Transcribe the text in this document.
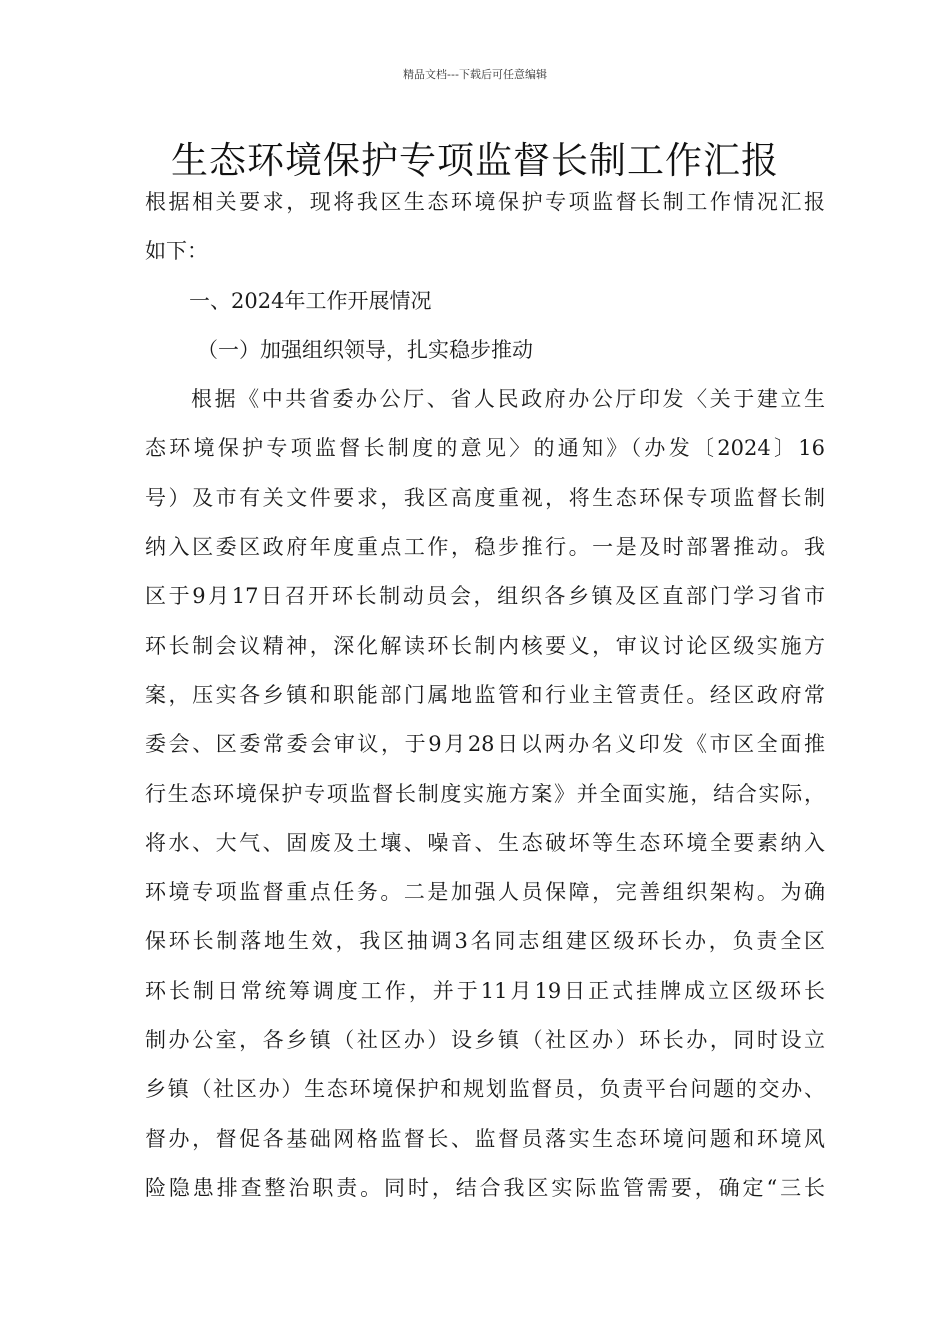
精品文档---下载后可任意编辑
生态环境保护专项监督长制工作汇报
根据相关要求，现将我区生态环境保护专项监督长制工作情况汇报
如下：
一、2024年工作开展情况
（一）加强组织领导，扎实稳步推动
根据《中共省委办公厅、省人民政府办公厅印发〈关于建立生
态环境保护专项监督长制度的意见〉的通知》（办发〔2024〕16
号）及市有关文件要求，我区高度重视，将生态环保专项监督长制
纳入区委区政府年度重点工作，稳步推行。一是及时部署推动。我
区于9月17日召开环长制动员会，组织各乡镇及区直部门学习省市
环长制会议精神，深化解读环长制内核要义，审议讨论区级实施方
案，压实各乡镇和职能部门属地监管和行业主管责任。经区政府常
委会、区委常委会审议，于9月28日以两办名义印发《市区全面推
行生态环境保护专项监督长制度实施方案》并全面实施，结合实际，
将水、大气、固废及土壤、噪音、生态破坏等生态环境全要素纳入
环境专项监督重点任务。二是加强人员保障，完善组织架构。为确
保环长制落地生效，我区抽调3名同志组建区级环长办，负责全区
环长制日常统筹调度工作，并于11月19日正式挂牌成立区级环长
制办公室，各乡镇（社区办）设乡镇（社区办）环长办，同时设立
乡镇（社区办）生态环境保护和规划监督员，负责平台问题的交办、
督办，督促各基础网格监督长、监督员落实生态环境问题和环境风
险隐患排查整治职责。同时，结合我区实际监管需要，确定“三长
